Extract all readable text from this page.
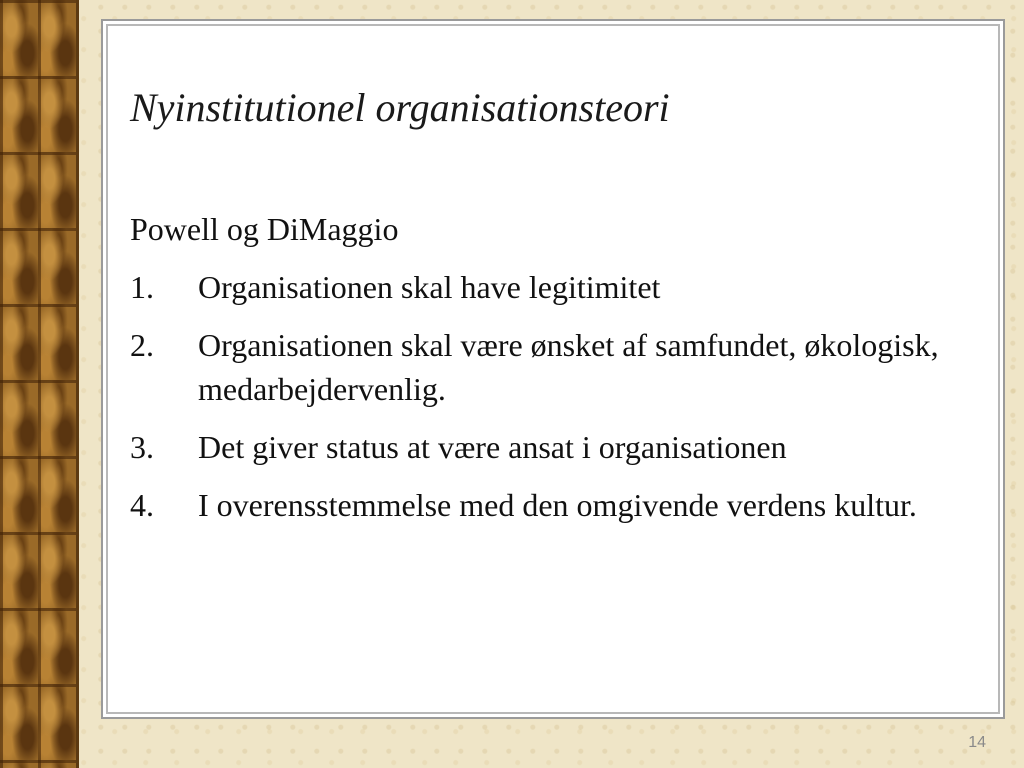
Nyinstitutionel organisationsteori

Powell og DiMaggio

1.	Organisationen skal have legitimitet
2.	Organisationen skal være ønsket af samfundet, økologisk, medarbejdervenlig.
3.	Det giver status at være ansat i organisationen
4.	I overensstemmelse med den omgivende verdens kultur.
14
